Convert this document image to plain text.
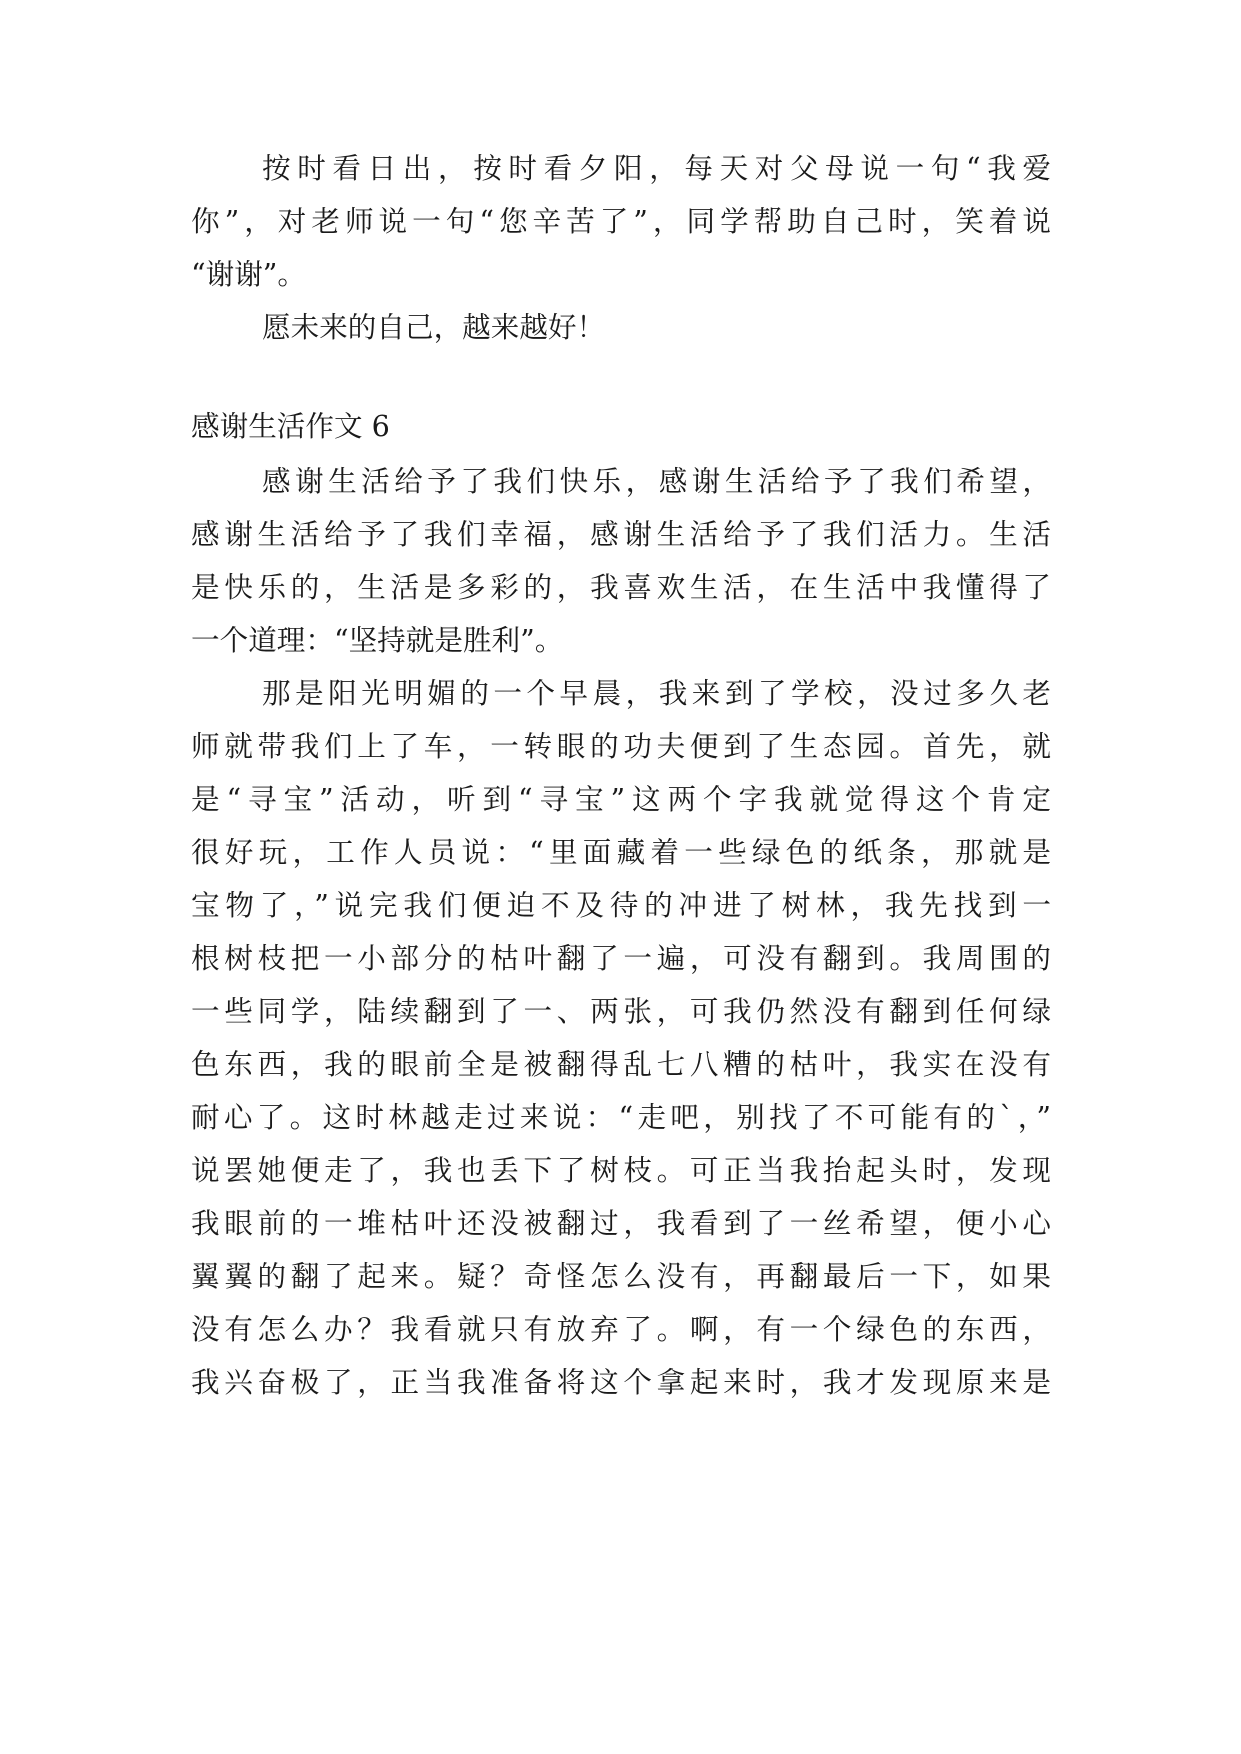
按时看日出，按时看夕阳，每天对父母说一句“我爱
你”，对老师说一句“您辛苦了”，同学帮助自己时，笑着说
“谢谢”。
愿未来的自己，越来越好！
感谢生活作文 6
感谢生活给予了我们快乐，感谢生活给予了我们希望，
感谢生活给予了我们幸福，感谢生活给予了我们活力。生活
是快乐的，生活是多彩的，我喜欢生活，在生活中我懂得了
一个道理：“坚持就是胜利”。
那是阳光明媚的一个早晨，我来到了学校，没过多久老
师就带我们上了车，一转眼的功夫便到了生态园。首先，就
是“寻宝”活动，听到“寻宝”这两个字我就觉得这个肯定
很好玩，工作人员说：“里面藏着一些绿色的纸条，那就是
宝物了，”说完我们便迫不及待的冲进了树林，我先找到一
根树枝把一小部分的枯叶翻了一遍，可没有翻到。我周围的
一些同学，陆续翻到了一、两张，可我仍然没有翻到任何绿
色东西，我的眼前全是被翻得乱七八糟的枯叶，我实在没有
耐心了。这时林越走过来说：“走吧，别找了不可能有的`，”
说罢她便走了，我也丢下了树枝。可正当我抬起头时，发现
我眼前的一堆枯叶还没被翻过，我看到了一丝希望，便小心
翼翼的翻了起来。疑？奇怪怎么没有，再翻最后一下，如果
没有怎么办？我看就只有放弃了。啊，有一个绿色的东西，
我兴奋极了，正当我准备将这个拿起来时，我才发现原来是
